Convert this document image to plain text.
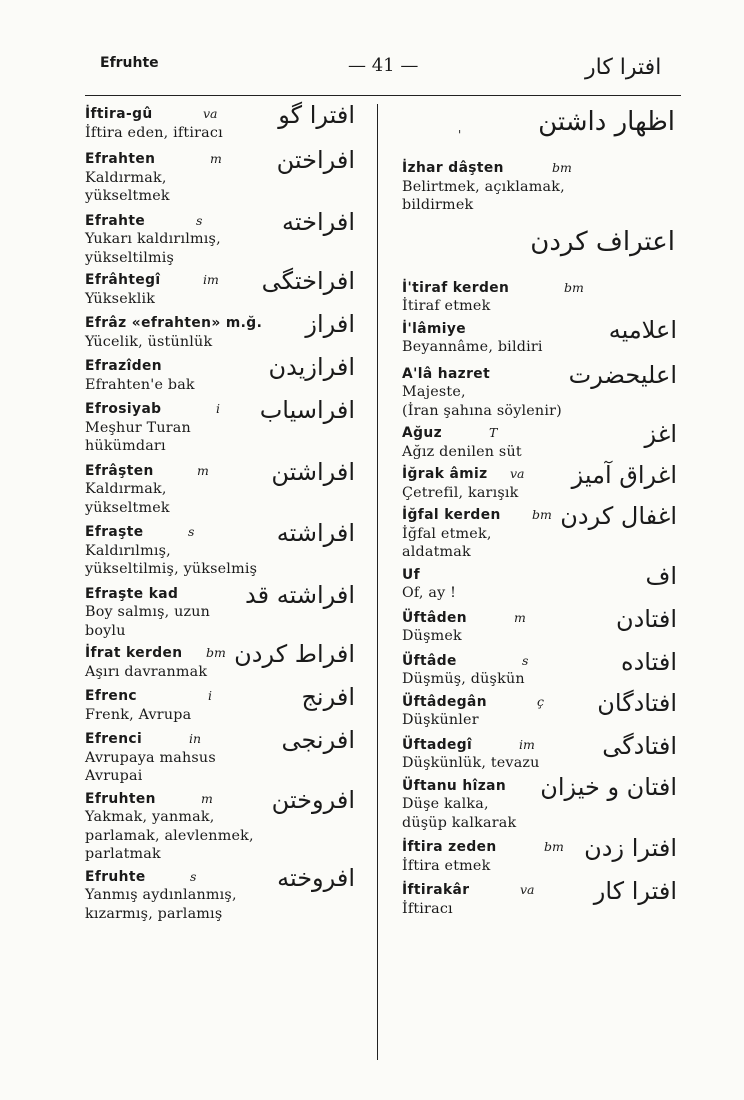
Efruhte	— 41 —	افترا کار
'
İftira-gû	va
İftira eden, iftiracı
افترا گو
Efrahten	m
Kaldırmak,
yükseltmek
افراختن
Efrahte	s
Yukarı kaldırılmış,
yükseltilmiş
افراخته
Efrâhtegî	im
Yükseklik
افراختگی
Efrâz «efrahten» m.ğ.
Yücelik, üstünlük
افراز
Efrazîden
Efrahten'e bak
افرازیدن
Efrosiyab	i
Meşhur Turan
hükümdarı
افراسیاب
Efrâşten	m
Kaldırmak,
yükseltmek
افراشتن
Efraşte	s
Kaldırılmış,
yükseltilmiş, yükselmiş
افراشته
Efraşte kad
Boy salmış, uzun
boylu
افراشته قد
İfrat kerden	bm
Aşırı davranmak
افراط کردن
Efrenc	i
Frenk, Avrupa
افرنج
Efrenci	in
Avrupaya mahsus
Avrupai
افرنجی
Efruhten	m
Yakmak, yanmak,
parlamak, alevlenmek,
parlatmak
افروختن
Efruhte	s
Yanmış aydınlanmış,
kızarmış, parlamış
افروخته
اظهار داشتن
İzhar dâşten	bm
Belirtmek, açıklamak,
bildirmek
اعتراف کردن
İ'tiraf kerden	bm
İtiraf etmek
İ'lâmiye
Beyannâme, bildiri
اعلامیه
A'lâ hazret
Majeste,
(İran şahına söylenir)
اعلیحضرت
Ağuz	T
Ağız denilen süt
اغز
İğrak âmiz	va
Çetrefil, karışık
اغراق آمیز
İğfal kerden	bm
İğfal etmek,
aldatmak
اغفال کردن
Uf
Of, ay !
اف
Üftâden	m
Düşmek
افتادن
Üftâde	s
Düşmüş, düşkün
افتاده
Üftâdegân	ç
Düşkünler
افتادگان
Üftadegî	im
Düşkünlük, tevazu
افتادگی
Üftanu hîzan
Düşe kalka,
düşüp kalkarak
افتان و خیزان
İftira zeden	bm
İftira etmek
افترا زدن
İftirakâr	va
İftiracı
افترا کار
